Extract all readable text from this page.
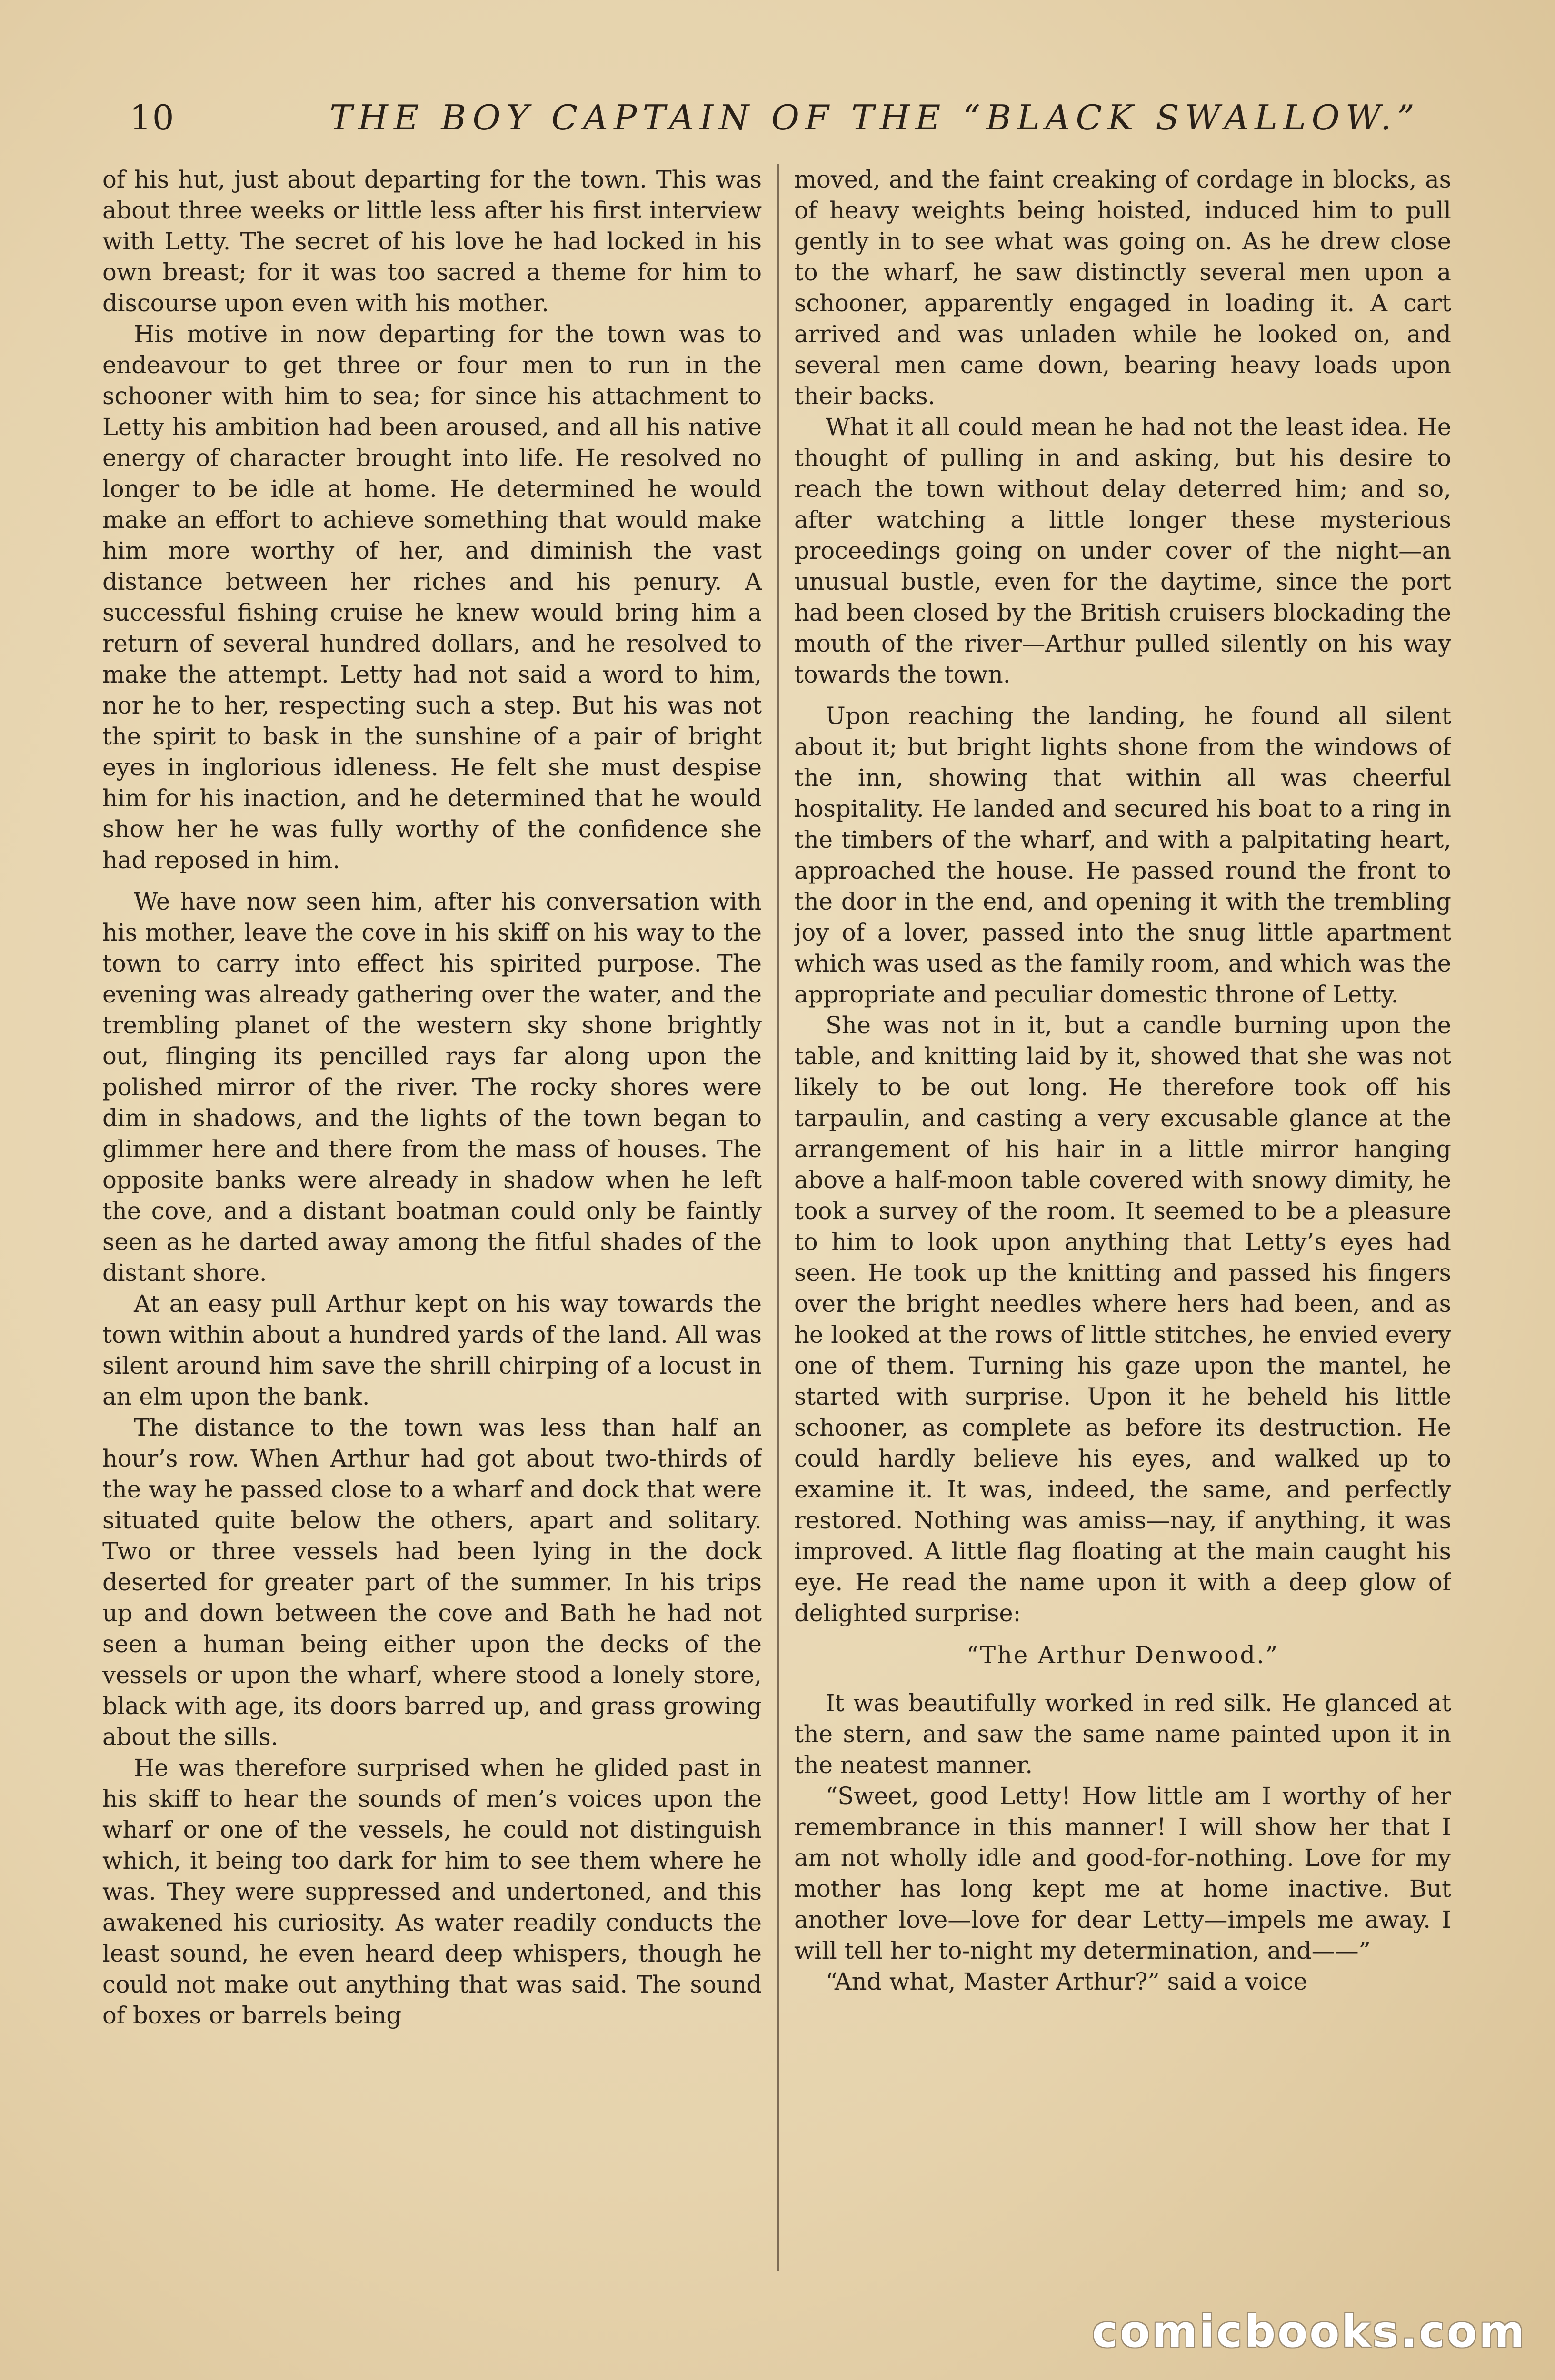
10	THE BOY CAPTAIN OF THE “BLACK SWALLOW.”

of his hut, just about departing for the town. This was about three weeks or little less after his first interview with Letty. The secret of his love he had locked in his own breast; for it was too sacred a theme for him to discourse upon even with his mother.

His motive in now departing for the town was to endeavour to get three or four men to run in the schooner with him to sea; for since his attachment to Letty his ambition had been aroused, and all his native energy of character brought into life. He resolved no longer to be idle at home. He determined he would make an effort to achieve something that would make him more worthy of her, and diminish the vast distance between her riches and his penury. A successful fishing cruise he knew would bring him a return of several hundred dollars, and he resolved to make the attempt. Letty had not said a word to him, nor he to her, respecting such a step. But his was not the spirit to bask in the sunshine of a pair of bright eyes in inglorious idleness. He felt she must despise him for his inaction, and he determined that he would show her he was fully worthy of the confidence she had reposed in him.

We have now seen him, after his conversation with his mother, leave the cove in his skiff on his way to the town to carry into effect his spirited purpose. The evening was already gathering over the water, and the trembling planet of the western sky shone brightly out, flinging its pencilled rays far along upon the polished mirror of the river. The rocky shores were dim in shadows, and the lights of the town began to glimmer here and there from the mass of houses. The opposite banks were already in shadow when he left the cove, and a distant boatman could only be faintly seen as he darted away among the fitful shades of the distant shore.

At an easy pull Arthur kept on his way towards the town within about a hundred yards of the land. All was silent around him save the shrill chirping of a locust in an elm upon the bank.

The distance to the town was less than half an hour’s row. When Arthur had got about two-thirds of the way he passed close to a wharf and dock that were situated quite below the others, apart and solitary. Two or three vessels had been lying in the dock deserted for greater part of the summer. In his trips up and down between the cove and Bath he had not seen a human being either upon the decks of the vessels or upon the wharf, where stood a lonely store, black with age, its doors barred up, and grass growing about the sills.

He was therefore surprised when he glided past in his skiff to hear the sounds of men’s voices upon the wharf or one of the vessels, he could not distinguish which, it being too dark for him to see them where he was. They were suppressed and undertoned, and this awakened his curiosity. As water readily conducts the least sound, he even heard deep whispers, though he could not make out anything that was said. The sound of boxes or barrels being

moved, and the faint creaking of cordage in blocks, as of heavy weights being hoisted, induced him to pull gently in to see what was going on. As he drew close to the wharf, he saw distinctly several men upon a schooner, apparently engaged in loading it. A cart arrived and was unladen while he looked on, and several men came down, bearing heavy loads upon their backs.

What it all could mean he had not the least idea. He thought of pulling in and asking, but his desire to reach the town without delay deterred him; and so, after watching a little longer these mysterious proceedings going on under cover of the night—an unusual bustle, even for the daytime, since the port had been closed by the British cruisers blockading the mouth of the river—Arthur pulled silently on his way towards the town.

Upon reaching the landing, he found all silent about it; but bright lights shone from the windows of the inn, showing that within all was cheerful hospitality. He landed and secured his boat to a ring in the timbers of the wharf, and with a palpitating heart, approached the house. He passed round the front to the door in the end, and opening it with the trembling joy of a lover, passed into the snug little apartment which was used as the family room, and which was the appropriate and peculiar domestic throne of Letty.

She was not in it, but a candle burning upon the table, and knitting laid by it, showed that she was not likely to be out long. He therefore took off his tarpaulin, and casting a very excusable glance at the arrangement of his hair in a little mirror hanging above a half-moon table covered with snowy dimity, he took a survey of the room. It seemed to be a pleasure to him to look upon anything that Letty’s eyes had seen. He took up the knitting and passed his fingers over the bright needles where hers had been, and as he looked at the rows of little stitches, he envied every one of them. Turning his gaze upon the mantel, he started with surprise. Upon it he beheld his little schooner, as complete as before its destruction. He could hardly believe his eyes, and walked up to examine it. It was, indeed, the same, and perfectly restored. Nothing was amiss—nay, if anything, it was improved. A little flag floating at the main caught his eye. He read the name upon it with a deep glow of delighted surprise:

“The Arthur Denwood.”

It was beautifully worked in red silk. He glanced at the stern, and saw the same name painted upon it in the neatest manner.

“Sweet, good Letty! How little am I worthy of her remembrance in this manner! I will show her that I am not wholly idle and good-for-nothing. Love for my mother has long kept me at home inactive. But another love—love for dear Letty—impels me away. I will tell her to-night my determination, and——”

“And what, Master Arthur?” said a voice

comicbooks.com
